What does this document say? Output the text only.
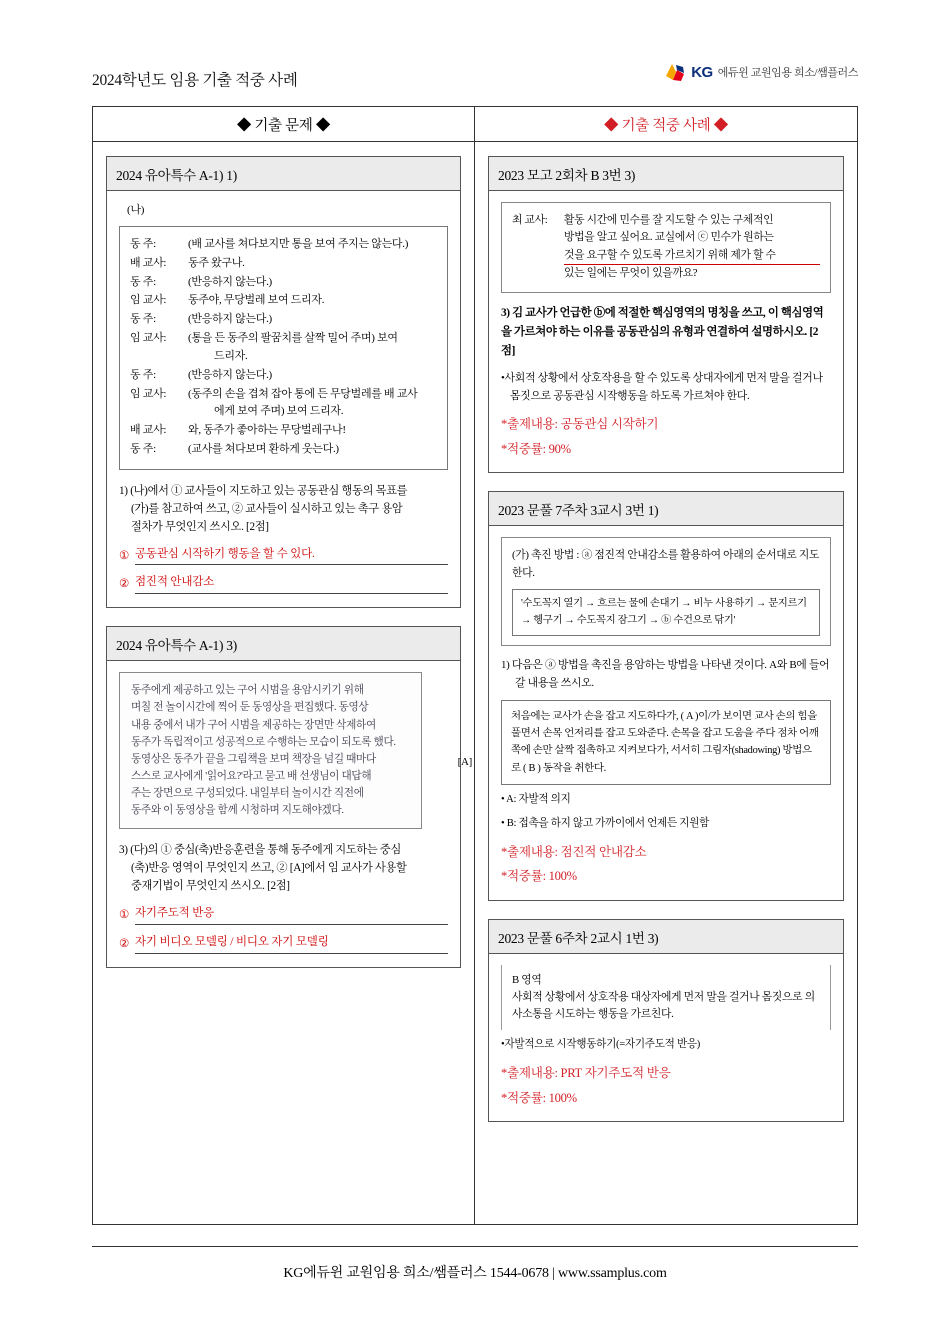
2024학년도 임용 기출 적중 사례	KG 에듀윈 교원임용 희소/쌤플러스
◆ 기출 문제 ◆
2024 유아특수 A-1) 1)
(나)
동 주:	(배 교사를 쳐다보지만 통을 보여 주지는 않는다.)
배 교사:	동주 왔구나.
동 주:	(반응하지 않는다.)
임 교사:	동주야, 무당벌레 보여 드리자.
동 주:	(반응하지 않는다.)
임 교사:	(통을 든 동주의 팔꿈치를 살짝 밀어 주며) 보여
드리자.
동 주:	(반응하지 않는다.)
임 교사:	(동주의 손을 겹쳐 잡아 통에 든 무당벌레를 배 교사
에게 보여 주며) 보여 드리자.
배 교사:	와, 동주가 좋아하는 무당벌레구나!
동 주:	(교사를 쳐다보며 환하게 웃는다.)
1) (나)에서 ① 교사들이 지도하고 있는 공동관심 행동의 목표를
(가)를 참고하여 쓰고, ② 교사들이 실시하고 있는 촉구 용암
절차가 무엇인지 쓰시오. [2점]
① 공동관심 시작하기 행동을 할 수 있다.
② 점진적 안내감소
2024 유아특수 A-1) 3)
동주에게 제공하고 있는 구어 시범을 용암시키기 위해
며칠 전 놀이시간에 찍어 둔 동영상을 편집했다. 동영상
내용 중에서 내가 구어 시범을 제공하는 장면만 삭제하여
동주가 독립적이고 성공적으로 수행하는 모습이 되도록 했다.
동영상은 동주가 끝을 그림책을 보며 책장을 넘길 때마다
스스로 교사에게 '읽어요?'라고 묻고 배 선생님이 대답해
주는 장면으로 구성되었다. 내일부터 놀이시간 직전에
동주와 이 동영상을 함께 시청하며 지도해야겠다.
[A]
3) (다)의 ① 중심(축)반응훈련을 통해 동주에게 지도하는 중심
(축)반응 영역이 무엇인지 쓰고, ② [A]에서 임 교사가 사용할
중재기법이 무엇인지 쓰시오. [2점]
① 자기주도적 반응
② 자기 비디오 모델링 / 비디오 자기 모델링
◆ 기출 적중 사례 ◆
2023 모고 2회차 B 3번 3)
최 교사:	활동 시간에 민수를 잘 지도할 수 있는 구체적인
방법을 알고 싶어요. 교실에서 ⓒ 민수가 원하는
것을 요구할 수 있도록 가르치기 위해 제가 할 수
있는 일에는 무엇이 있을까요?
3) 김 교사가 언급한 ⓑ에 적절한 핵심영역의 명칭을 쓰고, 이 핵심영역을 가르쳐야 하는 이유를 공동관심의 유형과 연결하여 설명하시오. [2점]
•사회적 상황에서 상호작용을 할 수 있도록 상대자에게 먼저 말을 걸거나 몸짓으로 공동관심 시작행동을 하도록 가르쳐야 한다.
*출제내용: 공동관심 시작하기
*적중률: 90%
2023 문풀 7주차 3교시 3번 1)
(가) 촉진 방법 : ⓐ 점진적 안내감소를 활용하여 아래의 순서대로 지도한다.
'수도꼭지 열기 → 흐르는 물에 손대기 → 비누 사용하기 → 문지르기 → 헹구기 → 수도꼭지 잠그기 → ⓑ 수건으로 닦기'
1) 다음은 ⓐ 방법을 촉진을 용암하는 방법을 나타낸 것이다. A와 B에 들어갈 내용을 쓰시오.
처음에는 교사가 손을 잡고 지도하다가, ( A )이/가 보이면 교사 손의 힘을 풀면서 손목 언저리를 잡고 도와준다. 손목을 잡고 도움을 주다 점차 어깨 쪽에 손만 살짝 접촉하고 지켜보다가, 서서히 그림자(shadowing) 방법으로 ( B ) 동작을 취한다.
• A: 자발적 의지
• B: 접촉을 하지 않고 가까이에서 언제든 지원함
*출제내용: 점진적 안내감소
*적중률: 100%
2023 문풀 6주차 2교시 1번 3)
B 영역
사회적 상황에서 상호작용 대상자에게 먼저 말을 걸거나 몸짓으로 의사소통을 시도하는 행동을 가르친다.
•자발적으로 시작행동하기(=자기주도적 반응)
*출제내용: PRT 자기주도적 반응
*적중률: 100%
KG에듀윈 교원임용 희소/쌤플러스 1544-0678 | www.ssamplus.com
